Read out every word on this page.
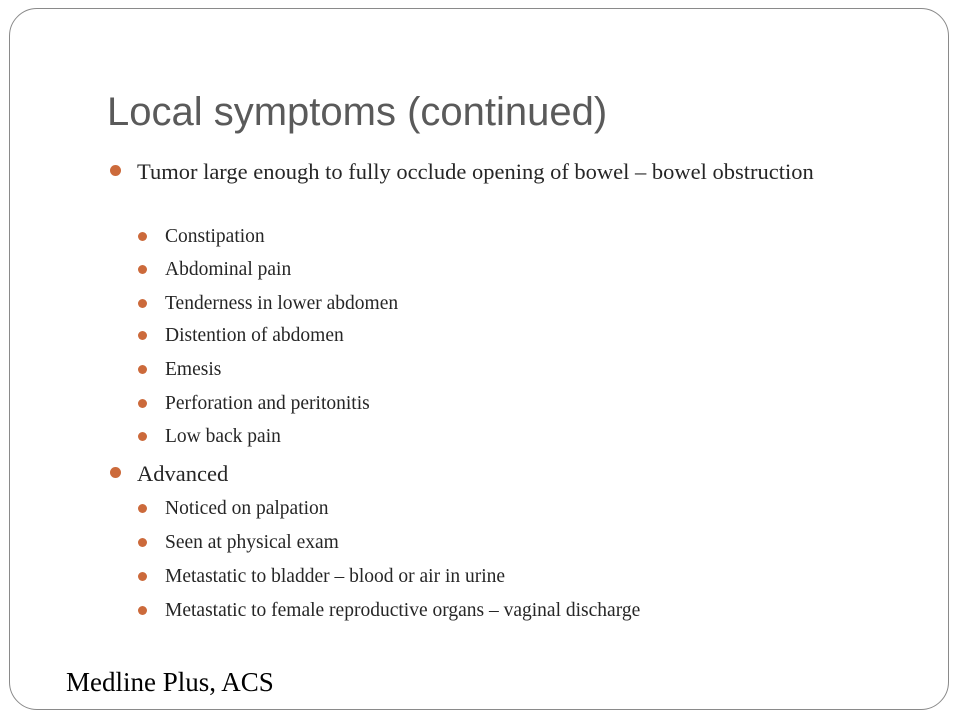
Local symptoms (continued)
Tumor large enough to fully occlude opening of bowel – bowel obstruction
Constipation
Abdominal pain
Tenderness in lower abdomen
Distention of abdomen
Emesis
Perforation and peritonitis
Low back pain
Advanced
Noticed on palpation
Seen at physical exam
Metastatic to bladder – blood or air in urine
Metastatic to female reproductive organs – vaginal discharge
Medline Plus, ACS
